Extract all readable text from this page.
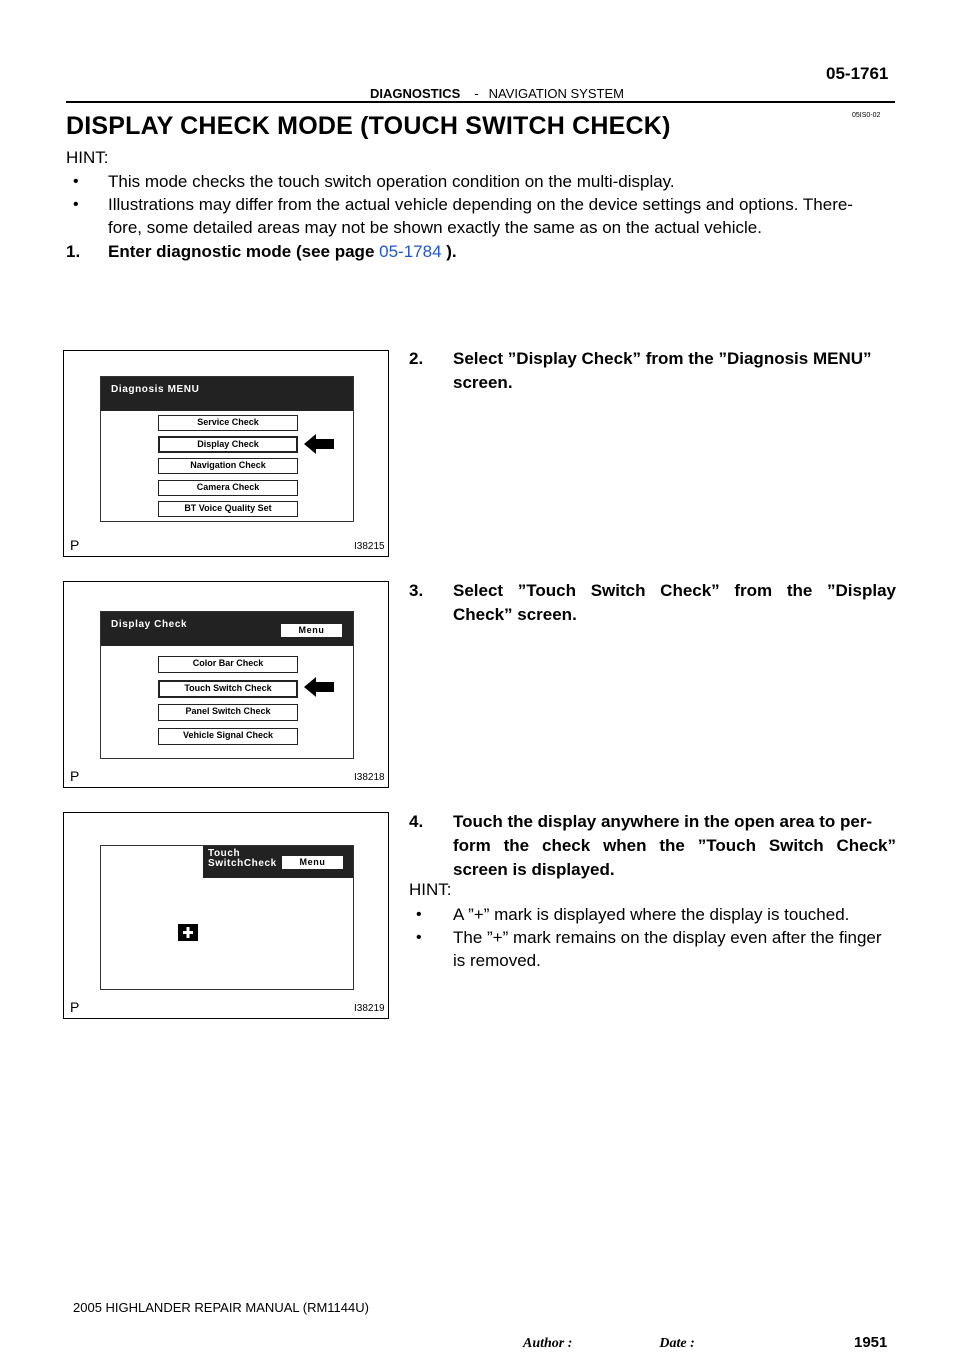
05-1761
DIAGNOSTICS - NAVIGATION SYSTEM
05IS0-02
DISPLAY CHECK MODE (TOUCH SWITCH CHECK)
HINT:
• This mode checks the touch switch operation condition on the multi-display.
• Illustrations may differ from the actual vehicle depending on the device settings and options. There-
fore, some detailed areas may not be shown exactly the same as on the actual vehicle.
1. Enter diagnostic mode (see page 05-1784 ).
2. Select ”Display Check” from the ”Diagnosis MENU”
screen.
3. Select ”Touch Switch Check” from the ”Display
Check” screen.
4. Touch the display anywhere in the open area to per-
form the check when the ”Touch Switch Check”
screen is displayed.
HINT:
• A ”+” mark is displayed where the display is touched.
• The ”+” mark remains on the display even after the finger
is removed.
Diagnosis MENU
Service Check
Display Check
Navigation Check
Camera Check
BT Voice Quality Set
P	I38215
Display Check	Menu
Color Bar Check
Touch Switch Check
Panel Switch Check
Vehicle Signal Check
P	I38218
Touch
SwitchCheck	Menu
P	I38219
2005 HIGHLANDER REPAIR MANUAL (RM1144U)
Author :	Date :	1951
